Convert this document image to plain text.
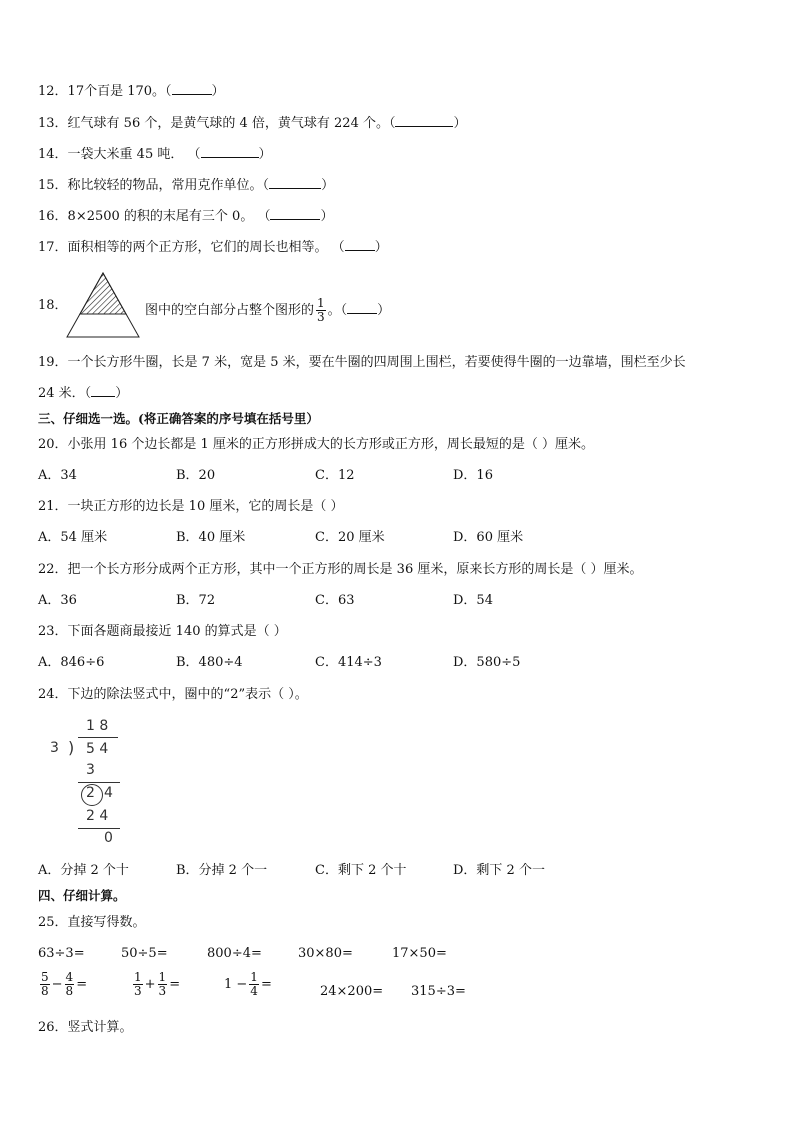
12．17个百是 170。（	）
13．红气球有 56 个，是黄气球的 4 倍，黄气球有 224 个。（	）
14．一袋大米重 45 吨． （	）
15．称比较轻的物品，常用克作单位。（	）
16．8×2500 的积的末尾有三个 0。 （	）
17．面积相等的两个正方形，它们的周长也相等。 （ ）
18．	图中的空白部分占整个图形的 $\frac{1}{3}$ 。（ ）
19．一个长方形牛圈，长是 7 米，宽是 5 米，要在牛圈的四周围上围栏，若要使得牛圈的一边靠墙，围栏至少长
24 米．（ ）
三、仔细选一选。(将正确答案的序号填在括号里）
20．小张用 16 个边长都是 1 厘米的正方形拼成大的长方形或正方形，周长最短的是（ ）厘米。
A．34	B．20	C．12	D．16
21．一块正方形的边长是 10 厘米，它的周长是（ ）
A．54 厘米	B．40 厘米	C．20 厘米	D．60 厘米
22．把一个长方形分成两个正方形，其中一个正方形的周长是 36 厘米，原来长方形的周长是（ ）厘米。
A．36	B．72	C．63	D．54
23．下面各题商最接近 140 的算式是（ ）
A．846÷6	B．480÷4	C．414÷3	D．580÷5
24．下边的除法竖式中，圈中的“2”表示（ ）。
1 8
3 ) 5 4
3
2 4
2 4
0
A．分掉 2 个十	B．分掉 2 个一	C．剩下 2 个十	D．剩下 2 个一
四、仔细计算。
25．直接写得数。
63÷3=	50÷5=	800÷4=	30×80=	17×50=
$\frac{5}{8} - \frac{4}{8}$ =	$\frac{1}{3} + \frac{1}{3}$ =	$1 - \frac{1}{4}$ =	24×200= 315÷3=
26．竖式计算。
